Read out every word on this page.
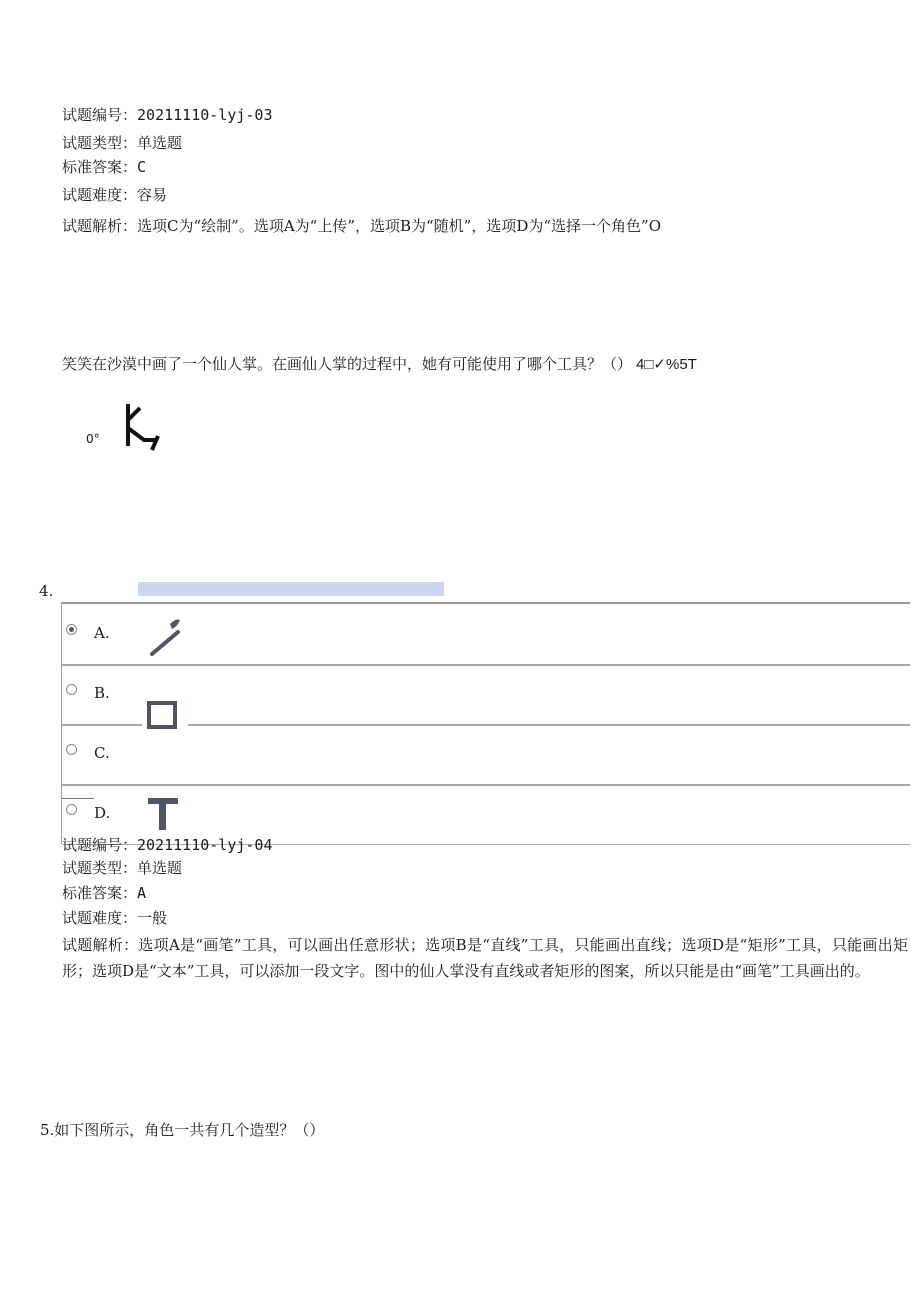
试题编号：20211110-lyj-03
试题类型：单选题
标准答案：C
试题难度：容易
试题解析：选项C为“绘制”。选项A为“上传”，选项B为“随机”，选项D为“选择一个角色”O
笑笑在沙漠中画了一个仙人掌。在画仙人掌的过程中，她有可能使用了哪个工具？（） 4□✓%5T
0°
4.
A.
B.
C.
D.
试题编号：20211110-lyj-04
试题类型：单选题
标准答案：A
试题难度：一般
试题解析：选项A是“画笔”工具，可以画出任意形状；选项B是“直线”工具，只能画出直线；选项D是“矩形”工具，只能画出矩形；选项D是“文本”工具，可以添加一段文字。图中的仙人掌没有直线或者矩形的图案，所以只能是由“画笔”工具画出的。
5.如下图所示，角色一共有几个造型？（）
